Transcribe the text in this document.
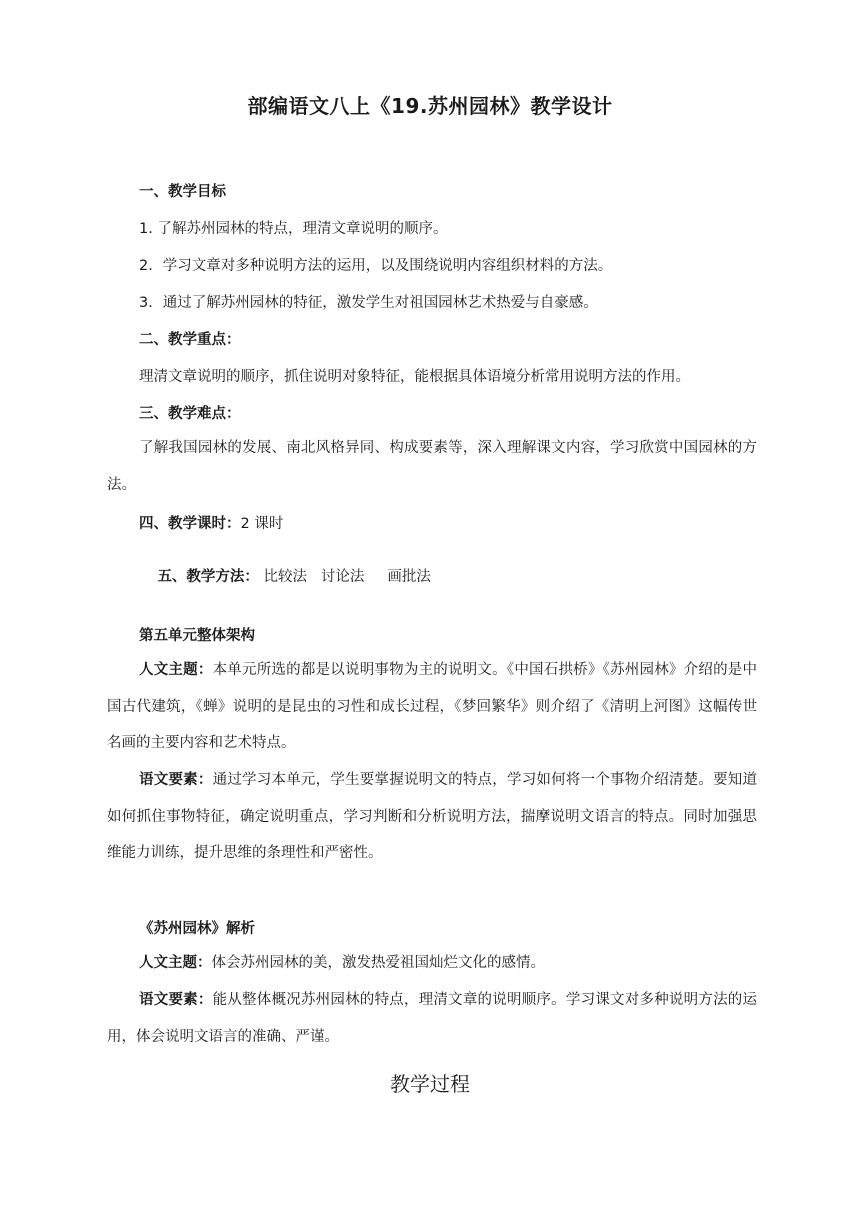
部编语文八上《19.苏州园林》教学设计
一、教学目标
1. 了解苏州园林的特点，理清文章说明的顺序。
2．学习文章对多种说明方法的运用，以及围绕说明内容组织材料的方法。
3．通过了解苏州园林的特征，激发学生对祖国园林艺术热爱与自豪感。
二、教学重点：
理清文章说明的顺序，抓住说明对象特征，能根据具体语境分析常用说明方法的作用。
三、教学难点：
了解我国园林的发展、南北风格异同、构成要素等，深入理解课文内容，学习欣赏中国园林的方法。
四、教学课时：2 课时

五、教学方法： 比较法   讨论法     画批法

第五单元整体架构
人文主题：本单元所选的都是以说明事物为主的说明文。《中国石拱桥》《苏州园林》介绍的是中国古代建筑，《蝉》说明的是昆虫的习性和成长过程，《梦回繁华》则介绍了《清明上河图》这幅传世名画的主要内容和艺术特点。
语文要素：通过学习本单元，学生要掌握说明文的特点，学习如何将一个事物介绍清楚。要知道如何抓住事物特征，确定说明重点，学习判断和分析说明方法，揣摩说明文语言的特点。同时加强思维能力训练，提升思维的条理性和严密性。
《苏州园林》解析
人文主题：体会苏州园林的美，激发热爱祖国灿烂文化的感情。
语文要素：能从整体概况苏州园林的特点，理清文章的说明顺序。学习课文对多种说明方法的运用，体会说明文语言的准确、严谨。
教学过程
